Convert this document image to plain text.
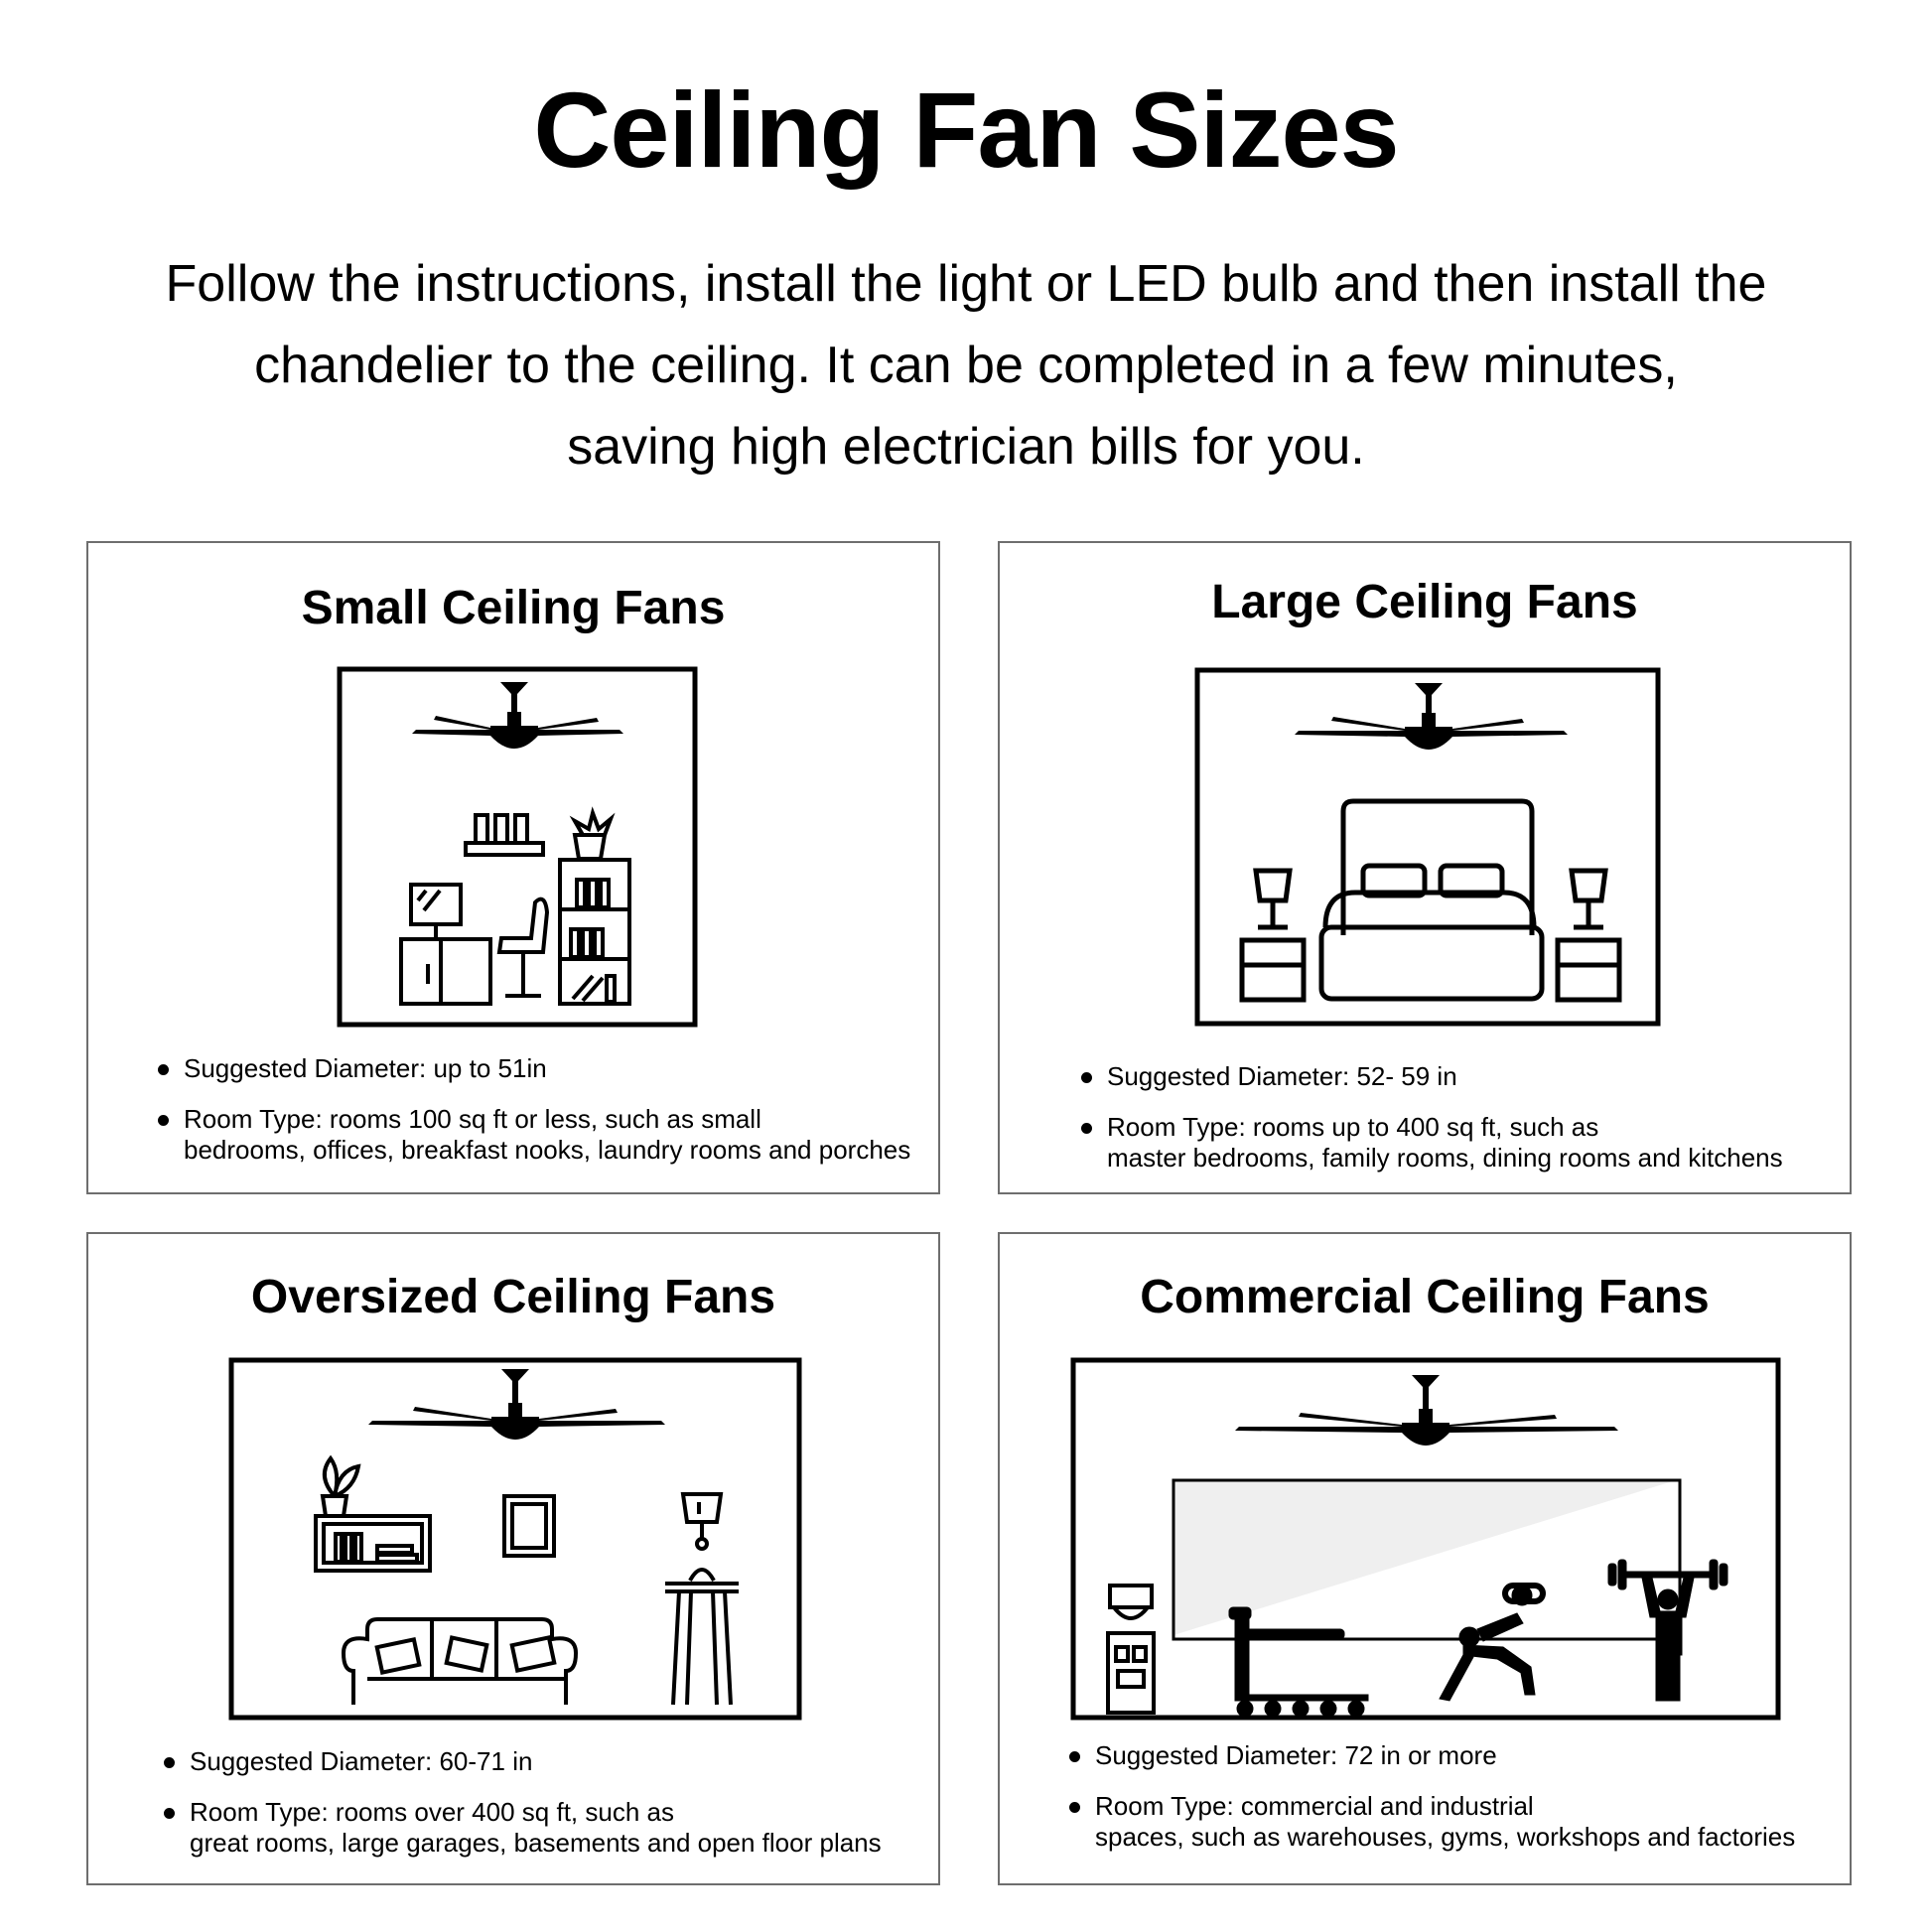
Ceiling Fan Sizes

Follow the instructions, install the light or LED bulb and then install the
chandelier to the ceiling. It can be completed in a few minutes,
saving high electrician bills for you.

Small Ceiling Fans
Suggested Diameter: up to 51in
Room Type: rooms 100 sq ft or less, such as small
bedrooms, offices, breakfast nooks, laundry rooms and porches
Large Ceiling Fans
Suggested Diameter: 52- 59 in
Room Type: rooms up to 400 sq ft, such as
master bedrooms, family rooms, dining rooms and kitchens
Oversized Ceiling Fans
Suggested Diameter: 60-71 in
Room Type: rooms over 400 sq ft, such as
great rooms, large garages, basements and open floor plans
Commercial Ceiling Fans
Suggested Diameter: 72 in or more
Room Type: commercial and industrial
spaces, such as warehouses, gyms, workshops and factories
